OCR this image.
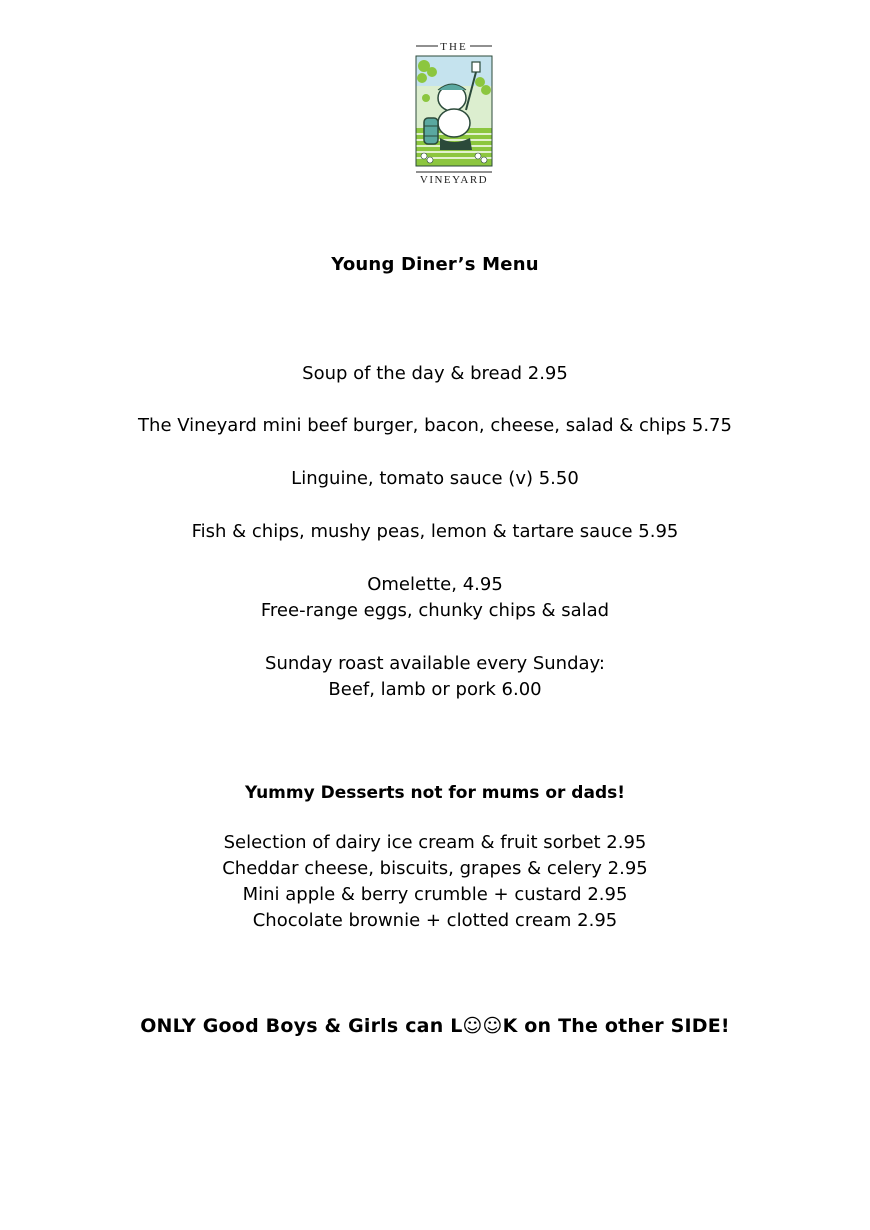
THE
VINEYARD
Young Diner’s Menu
Soup of the day & bread 2.95
The Vineyard mini beef burger, bacon, cheese, salad & chips 5.75
Linguine, tomato sauce (v) 5.50
Fish & chips, mushy peas, lemon & tartare sauce 5.95
Omelette, 4.95
Free-range eggs, chunky chips & salad
Sunday roast available every Sunday:
Beef, lamb or pork 6.00
Yummy Desserts not for mums or dads!
Selection of dairy ice cream & fruit sorbet 2.95
Cheddar cheese, biscuits, grapes & celery 2.95
Mini apple & berry crumble + custard 2.95
Chocolate brownie + clotted cream 2.95
ONLY Good Boys & Girls can L☺☺K on The other SIDE!
